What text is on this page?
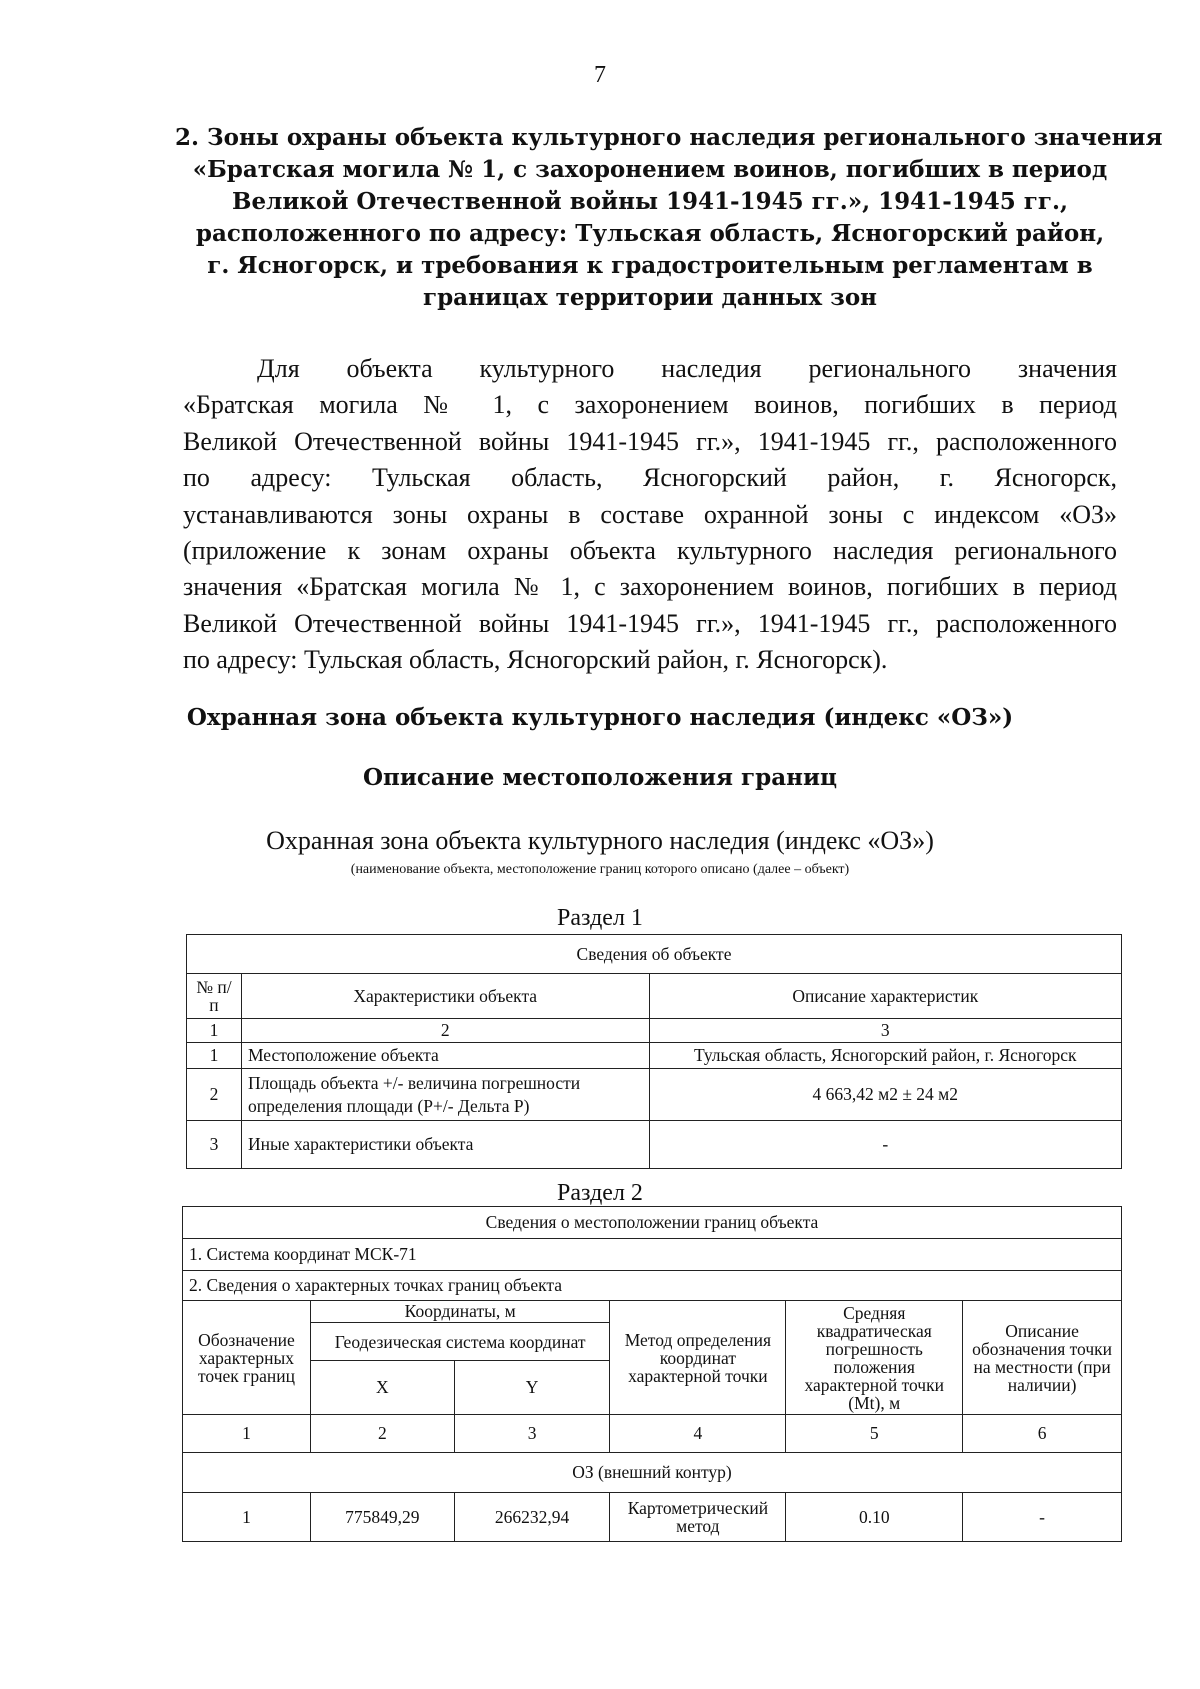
7
2. Зоны охраны объекта культурного наследия регионального значения
«Братская могила № 1, с захоронением воинов, погибших в период
Великой Отечественной войны 1941-1945 гг.», 1941-1945 гг.,
расположенного по адресу: Тульская область, Ясногорский район,
г. Ясногорск, и требования к градостроительным регламентам в
границах территории данных зон
Для объекта культурного наследия регионального значения
«Братская могила № 1, с захоронением воинов, погибших в период
Великой Отечественной войны 1941-1945 гг.», 1941-1945 гг., расположенного
по адресу: Тульская область, Ясногорский район, г. Ясногорск,
устанавливаются зоны охраны в составе охранной зоны с индексом «ОЗ»
(приложение к зонам охраны объекта культурного наследия регионального
значения «Братская могила № 1, с захоронением воинов, погибших в период
Великой Отечественной войны 1941-1945 гг.», 1941-1945 гг., расположенного
по адресу: Тульская область, Ясногорский район, г. Ясногорск).
Охранная зона объекта культурного наследия (индекс «ОЗ»)
Описание местоположения границ
Охранная зона объекта культурного наследия (индекс «ОЗ»)
(наименование объекта, местоположение границ которого описано (далее – объект)
Раздел 1
Сведения об объекте		
№ п/п	Характеристики объекта	Описание характеристик
1	2	3
1	Местоположение объекта	Тульская область, Ясногорский район, г. Ясногорск
2	Площадь объекта +/- величина погрешности определения площади (Р+/- Дельта Р)	4 663,42 м2 ± 24 м2
3	Иные характеристики объекта	-
Раздел 2
Сведения о местоположении границ объекта					
1. Система координат МСК-71					
2. Сведения о характерных точках границ объекта					
Обозначение характерных точек границ	Координаты, м		Метод определения координат характерной точки	Средняя квадратическая погрешность положения характерной точки (Mt), м	Описание обозначения точки на местности (при наличии)
	Геодезическая система координат				
	X	Y			
1	2	3	4	5	6
ОЗ (внешний контур)					
1	775849,29	266232,94	Картометрический метод	0.10	-
